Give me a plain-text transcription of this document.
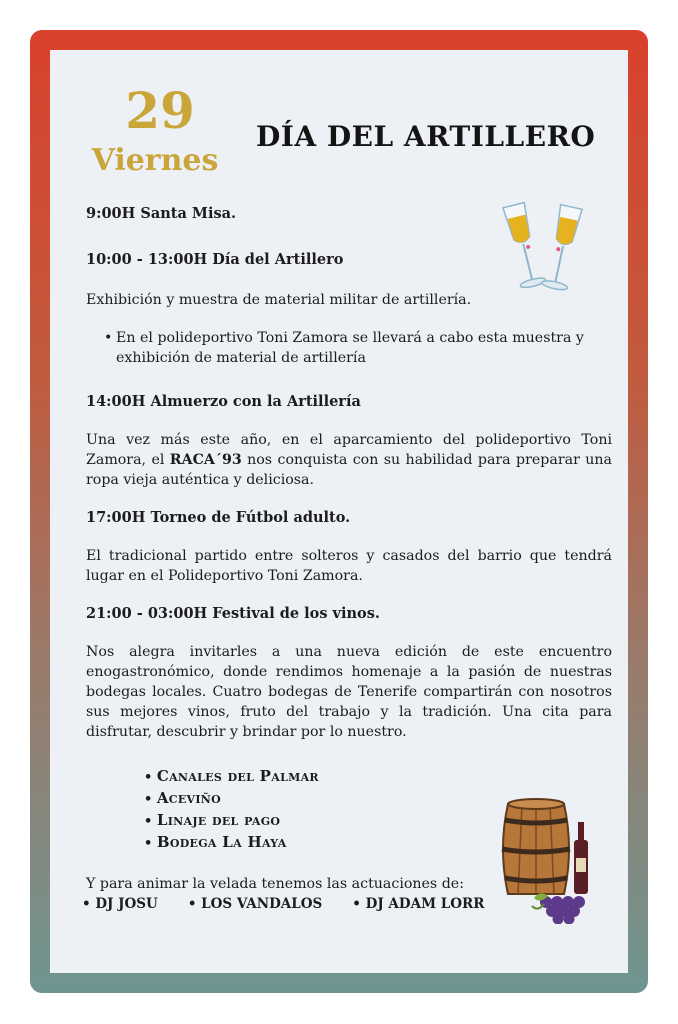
29
Viernes
DÍA DEL ARTILLERO

9:00H Santa Misa.

10:00 - 13:00H Día del Artillero

Exhibición y muestra de material militar de artillería.

• En el polideportivo Toni Zamora se llevará a cabo esta muestra y exhibición de material de artillería

14:00H Almuerzo con la Artillería

Una vez más este año, en el aparcamiento del polideportivo Toni Zamora, el RACA´93 nos conquista con su habilidad para preparar una ropa vieja auténtica y deliciosa.

17:00H Torneo de Fútbol adulto.

El tradicional partido entre solteros y casados del barrio que tendrá lugar en el Polideportivo Toni Zamora.

21:00 - 03:00H Festival de los vinos.

Nos alegra invitarles a una nueva edición de este encuentro enogastronómico, donde rendimos homenaje a la pasión de nuestras bodegas locales. Cuatro bodegas de Tenerife compartirán con nosotros sus mejores vinos, fruto del trabajo y la tradición. Una cita para disfrutar, descubrir y brindar por lo nuestro.

• Canales del Palmar
• Aceviño
• Linaje del pago
• Bodega La Haya

Y para animar la velada tenemos las actuaciones de:

• DJ JOSU • LOS VANDALOS • DJ ADAM LORR
